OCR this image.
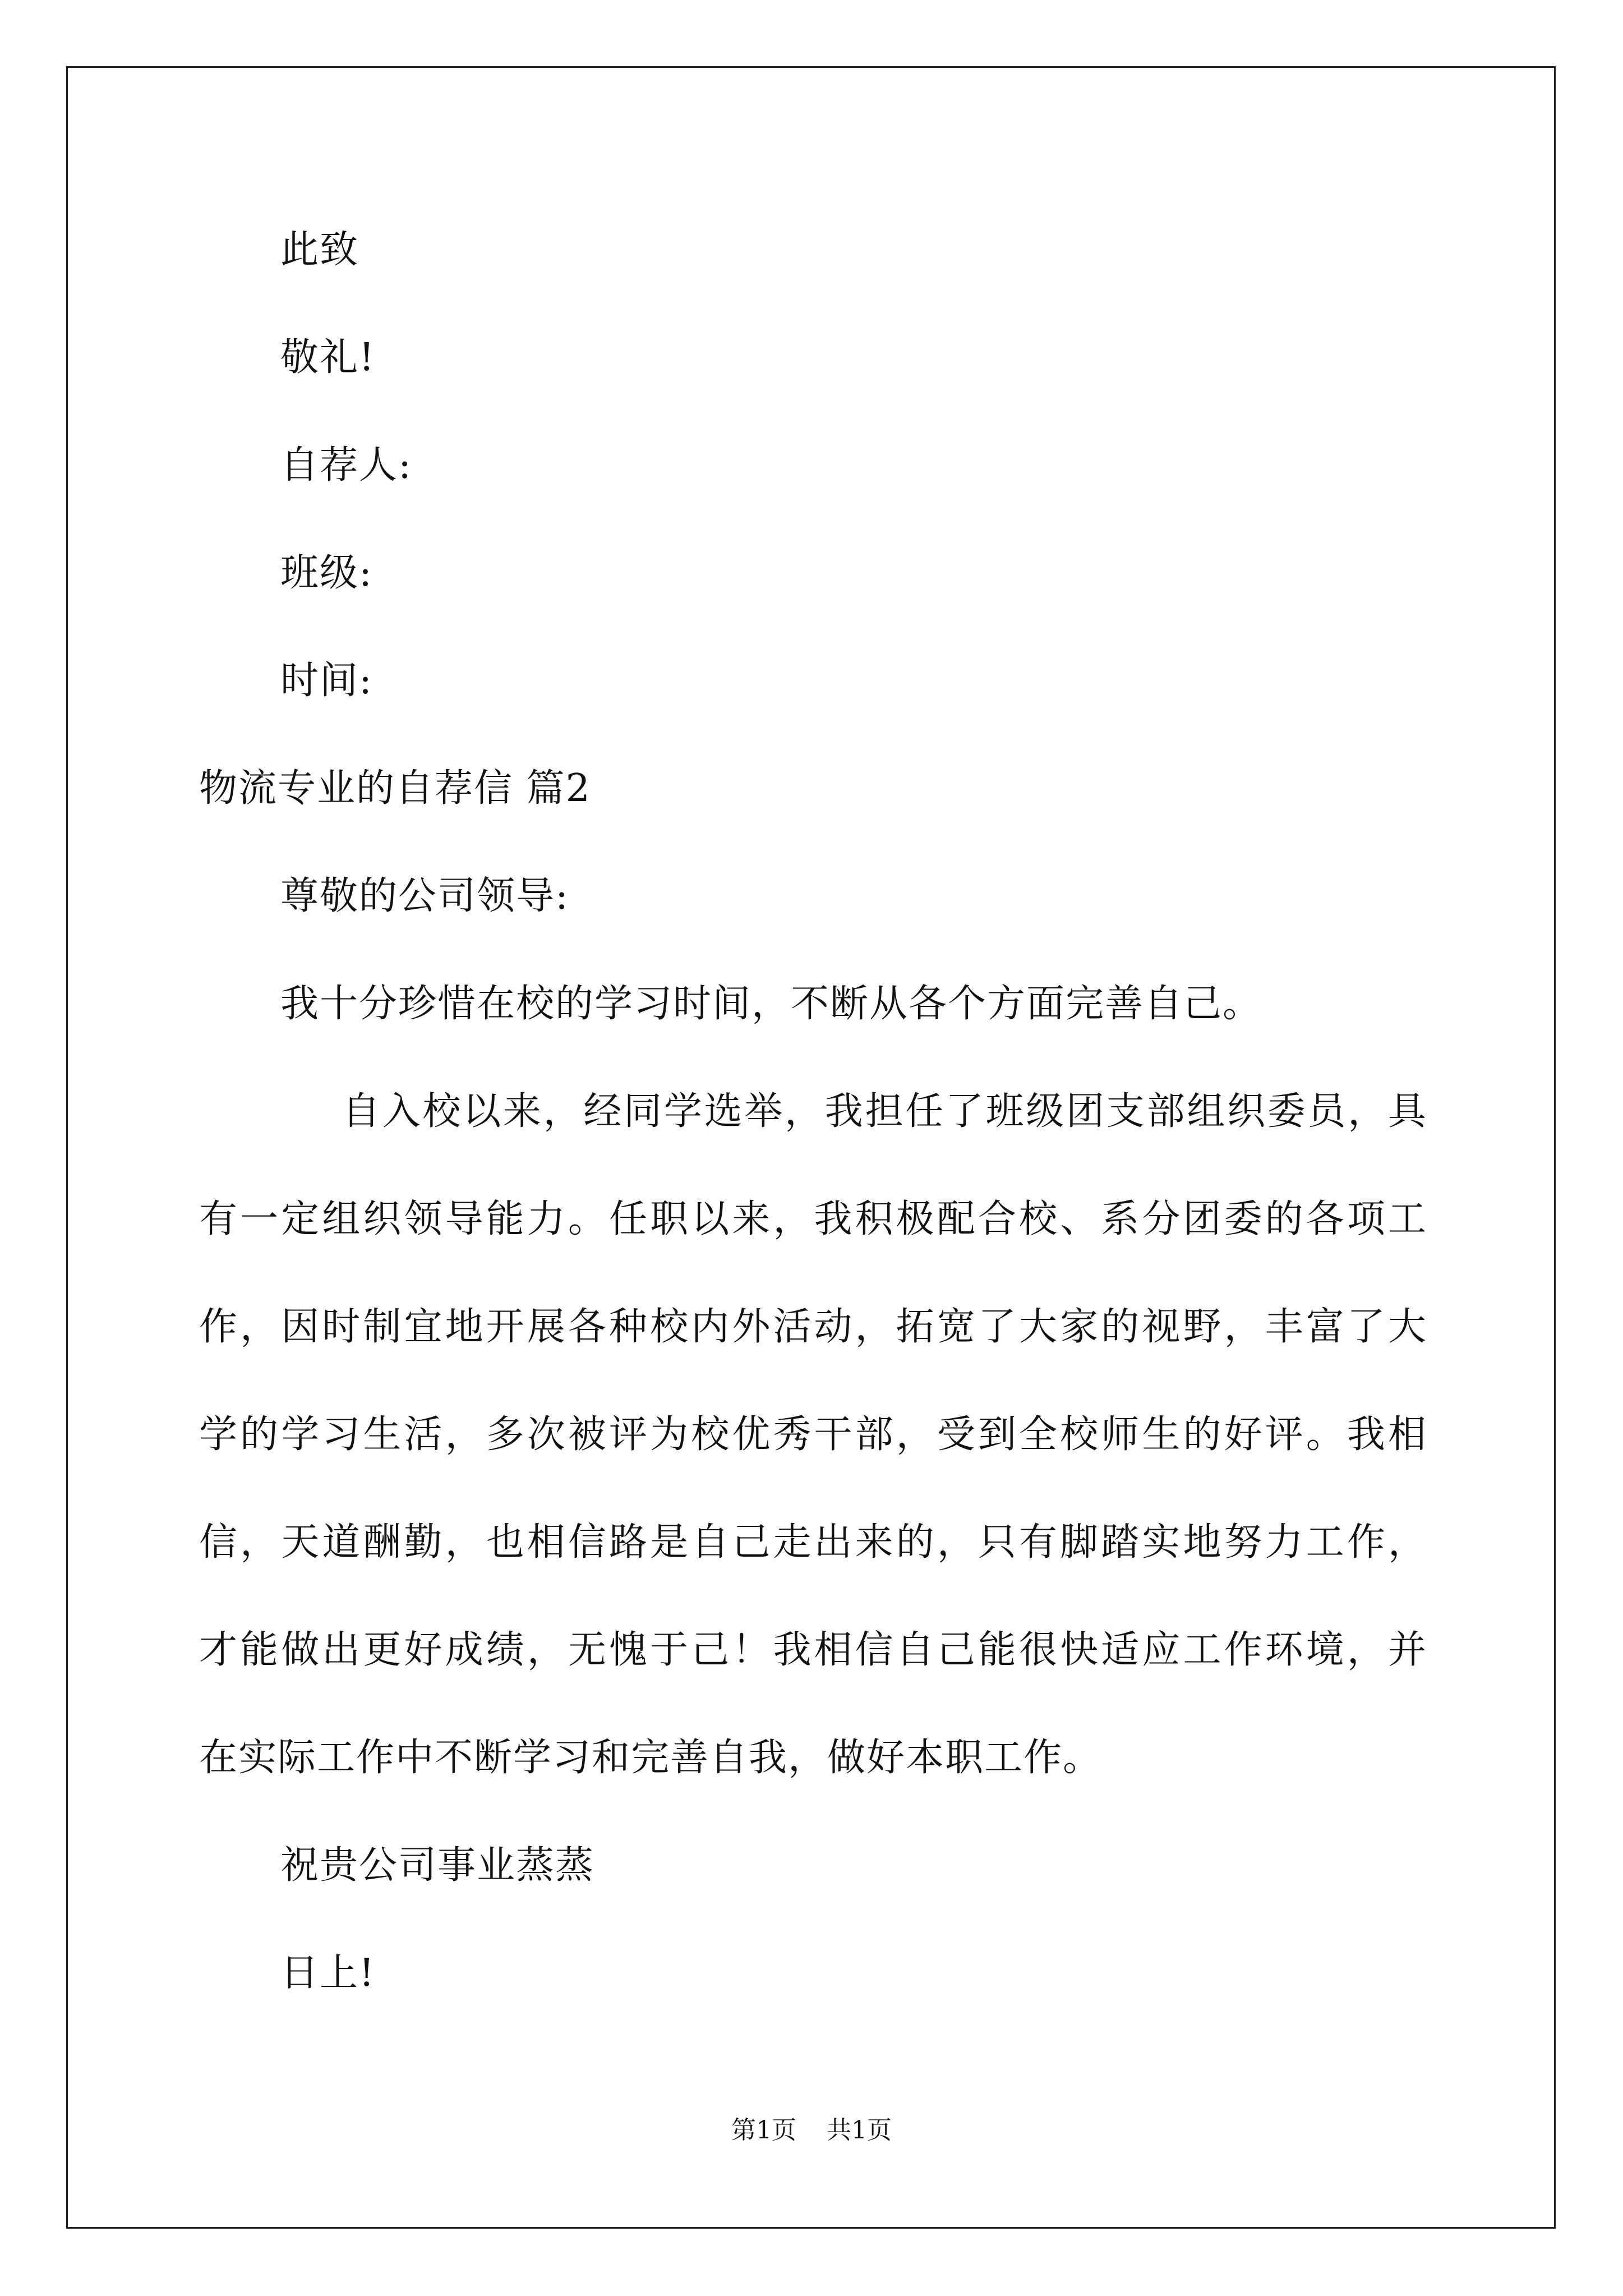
此致
敬礼!
自荐人:
班级:
时间:
物流专业的自荐信 篇2
尊敬的公司领导:
我十分珍惜在校的学习时间，不断从各个方面完善自己。
自入校以来，经同学选举，我担任了班级团支部组织委员，具
有一定组织领导能力。任职以来，我积极配合校、系分团委的各项工
作，因时制宜地开展各种校内外活动，拓宽了大家的视野，丰富了大
学的学习生活，多次被评为校优秀干部，受到全校师生的好评。我相
信，天道酬勤，也相信路是自己走出来的，只有脚踏实地努力工作，
才能做出更好成绩，无愧于己！我相信自己能很快适应工作环境，并
在实际工作中不断学习和完善自我，做好本职工作。
祝贵公司事业蒸蒸
日上!
第1页 共1页
